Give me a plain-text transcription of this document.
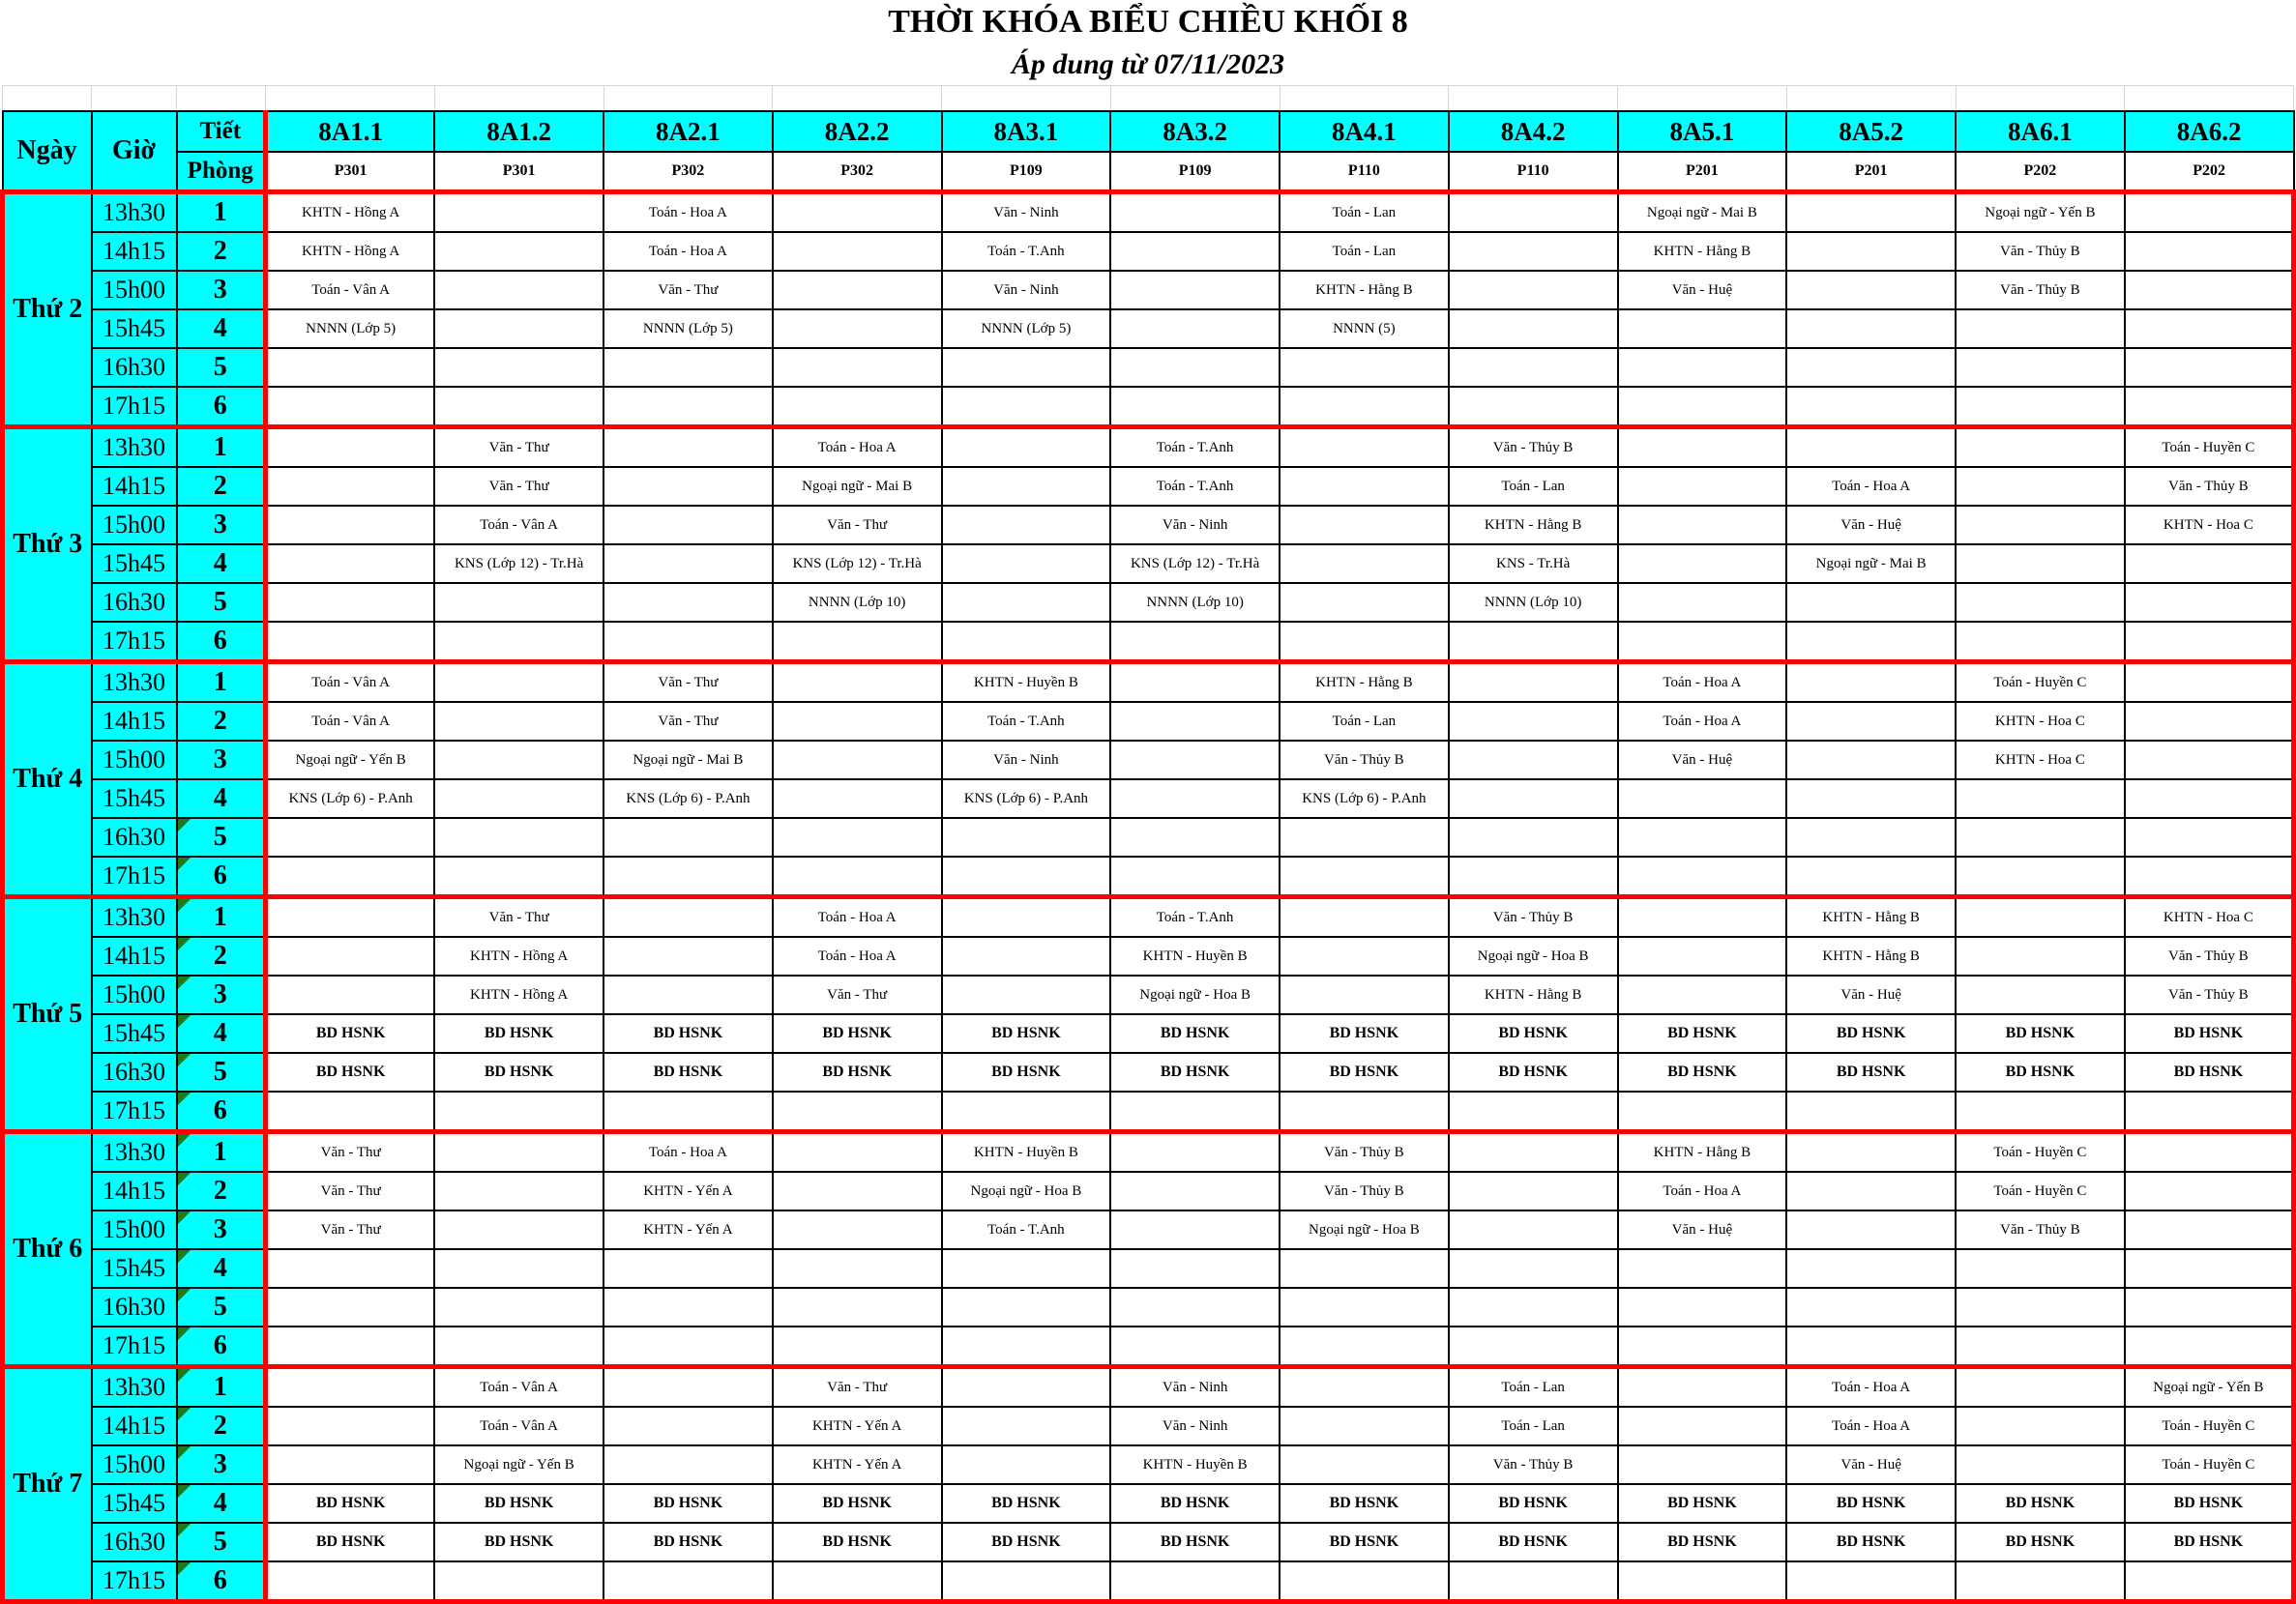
THỜI KHÓA BIỂU CHIỀU KHỐI 8														
Áp dung từ 07/11/2023														

Ngày	Giờ	Tiết	8A1.1	8A1.2	8A2.1	8A2.2	8A3.1	8A3.2	8A4.1	8A4.2	8A5.1	8A5.2	8A6.1	8A6.2
		Phòng	P301	P301	P302	P302	P109	P109	P110	P110	P201	P201	P202	P202
Thứ 2	13h30	1	KHTN - Hồng A		Toán - Hoa A		Văn - Ninh		Toán - Lan		Ngoại ngữ - Mai B		Ngoại ngữ - Yến B	
	14h15	2	KHTN - Hồng A		Toán - Hoa A		Toán - T.Anh		Toán - Lan		KHTN - Hằng B		Văn - Thủy B	
	15h00	3	Toán - Vân A		Văn - Thư		Văn - Ninh		KHTN - Hằng B		Văn - Huệ		Văn - Thủy B	
	15h45	4	NNNN (Lớp 5)		NNNN (Lớp 5)		NNNN (Lớp 5)		NNNN (5)					
	16h30	5												
	17h15	6												
Thứ 3	13h30	1		Văn - Thư		Toán - Hoa A		Toán - T.Anh		Văn - Thủy B				Toán - Huyền C
	14h15	2		Văn - Thư		Ngoại ngữ - Mai B		Toán - T.Anh		Toán - Lan		Toán - Hoa A		Văn - Thủy B
	15h00	3		Toán - Vân A		Văn - Thư		Văn - Ninh		KHTN - Hằng B		Văn - Huệ		KHTN - Hoa C
	15h45	4		KNS (Lớp 12) - Tr.Hà		KNS (Lớp 12) - Tr.Hà		KNS (Lớp 12) - Tr.Hà		KNS - Tr.Hà		Ngoại ngữ - Mai B		
	16h30	5				NNNN (Lớp 10)		NNNN (Lớp 10)		NNNN (Lớp 10)				
	17h15	6												
Thứ 4	13h30	1	Toán - Vân A		Văn - Thư		KHTN - Huyền B		KHTN - Hằng B		Toán - Hoa A		Toán - Huyền C	
	14h15	2	Toán - Vân A		Văn - Thư		Toán - T.Anh		Toán - Lan		Toán - Hoa A		KHTN - Hoa C	
	15h00	3	Ngoại ngữ - Yến B		Ngoại ngữ - Mai B		Văn - Ninh		Văn - Thủy B		Văn - Huệ		KHTN - Hoa C	
	15h45	4	KNS (Lớp 6) - P.Anh		KNS (Lớp 6) - P.Anh		KNS (Lớp 6) - P.Anh		KNS (Lớp 6) - P.Anh					
	16h30	5

	17h15	6

Thứ 5	13h30	1		Văn - Thư		Toán - Hoa A		Toán - T.Anh		Văn - Thủy B		KHTN - Hằng B		KHTN - Hoa C
	14h15	2		KHTN - Hồng A		Toán - Hoa A		KHTN - Huyền B		Ngoại ngữ - Hoa B		KHTN - Hằng B		Văn - Thủy B
	15h00	3		KHTN - Hồng A		Văn - Thư		Ngoại ngữ - Hoa B		KHTN - Hằng B		Văn - Huệ		Văn - Thủy B
	15h45	4	BD HSNK	BD HSNK	BD HSNK	BD HSNK	BD HSNK	BD HSNK	BD HSNK	BD HSNK	BD HSNK	BD HSNK	BD HSNK	BD HSNK
	16h30	5	BD HSNK	BD HSNK	BD HSNK	BD HSNK	BD HSNK	BD HSNK	BD HSNK	BD HSNK	BD HSNK	BD HSNK	BD HSNK	BD HSNK
	17h15	6

Thứ 6	13h30	1	Văn - Thư		Toán - Hoa A		KHTN - Huyền B		Văn - Thủy B		KHTN - Hằng B		Toán - Huyền C	
	14h15	2	Văn - Thư		KHTN - Yến A		Ngoại ngữ - Hoa B		Văn - Thủy B		Toán - Hoa A		Toán - Huyền C	
	15h00	3	Văn - Thư		KHTN - Yến A		Toán - T.Anh		Ngoại ngữ - Hoa B		Văn - Huệ		Văn - Thủy B	
	15h45	4

	16h30	5

	17h15	6

Thứ 7	13h30	1		Toán - Vân A		Văn - Thư		Văn - Ninh		Toán - Lan		Toán - Hoa A		Ngoại ngữ - Yến B
	14h15	2		Toán - Vân A		KHTN - Yến A		Văn - Ninh		Toán - Lan		Toán - Hoa A		Toán - Huyền C
	15h00	3		Ngoại ngữ - Yến B		KHTN - Yến A		KHTN - Huyền B		Văn - Thủy B		Văn - Huệ		Toán - Huyền C
	15h45	4	BD HSNK	BD HSNK	BD HSNK	BD HSNK	BD HSNK	BD HSNK	BD HSNK	BD HSNK	BD HSNK	BD HSNK	BD HSNK	BD HSNK
	16h30	5	BD HSNK	BD HSNK	BD HSNK	BD HSNK	BD HSNK	BD HSNK	BD HSNK	BD HSNK	BD HSNK	BD HSNK	BD HSNK	BD HSNK
	17h15	6
